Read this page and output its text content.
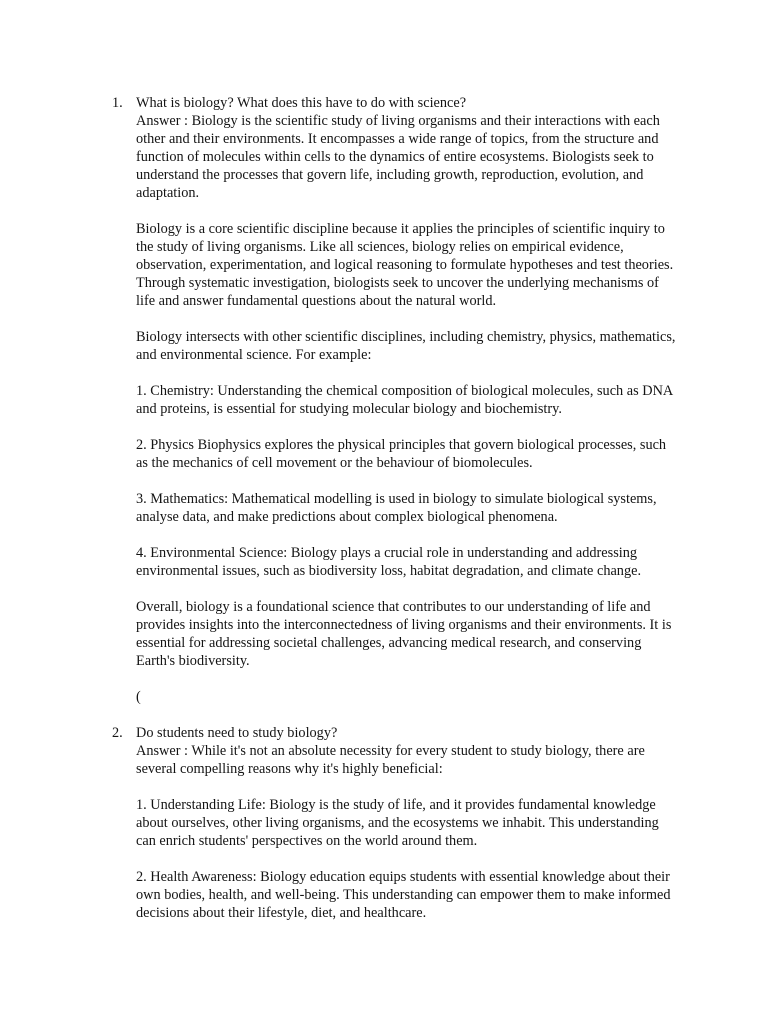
1. What is biology? What does this have to do with science?

Answer : Biology is the scientific study of living organisms and their interactions with each other and their environments. It encompasses a wide range of topics, from the structure and function of molecules within cells to the dynamics of entire ecosystems. Biologists seek to understand the processes that govern life, including growth, reproduction, evolution, and adaptation.

Biology is a core scientific discipline because it applies the principles of scientific inquiry to the study of living organisms. Like all sciences, biology relies on empirical evidence, observation, experimentation, and logical reasoning to formulate hypotheses and test theories. Through systematic investigation, biologists seek to uncover the underlying mechanisms of life and answer fundamental questions about the natural world.

Biology intersects with other scientific disciplines, including chemistry, physics, mathematics, and environmental science. For example:

1. Chemistry: Understanding the chemical composition of biological molecules, such as DNA and proteins, is essential for studying molecular biology and biochemistry.

2. Physics Biophysics explores the physical principles that govern biological processes, such as the mechanics of cell movement or the behaviour of biomolecules.

3. Mathematics: Mathematical modelling is used in biology to simulate biological systems, analyse data, and make predictions about complex biological phenomena.

4. Environmental Science: Biology plays a crucial role in understanding and addressing environmental issues, such as biodiversity loss, habitat degradation, and climate change.

Overall, biology is a foundational science that contributes to our understanding of life and provides insights into the interconnectedness of living organisms and their environments. It is essential for addressing societal challenges, advancing medical research, and conserving Earth's biodiversity.

(

2. Do students need to study biology?

Answer : While it's not an absolute necessity for every student to study biology, there are several compelling reasons why it's highly beneficial:

1. Understanding Life: Biology is the study of life, and it provides fundamental knowledge about ourselves, other living organisms, and the ecosystems we inhabit. This understanding can enrich students' perspectives on the world around them.

2. Health Awareness: Biology education equips students with essential knowledge about their own bodies, health, and well-being. This understanding can empower them to make informed decisions about their lifestyle, diet, and healthcare.
